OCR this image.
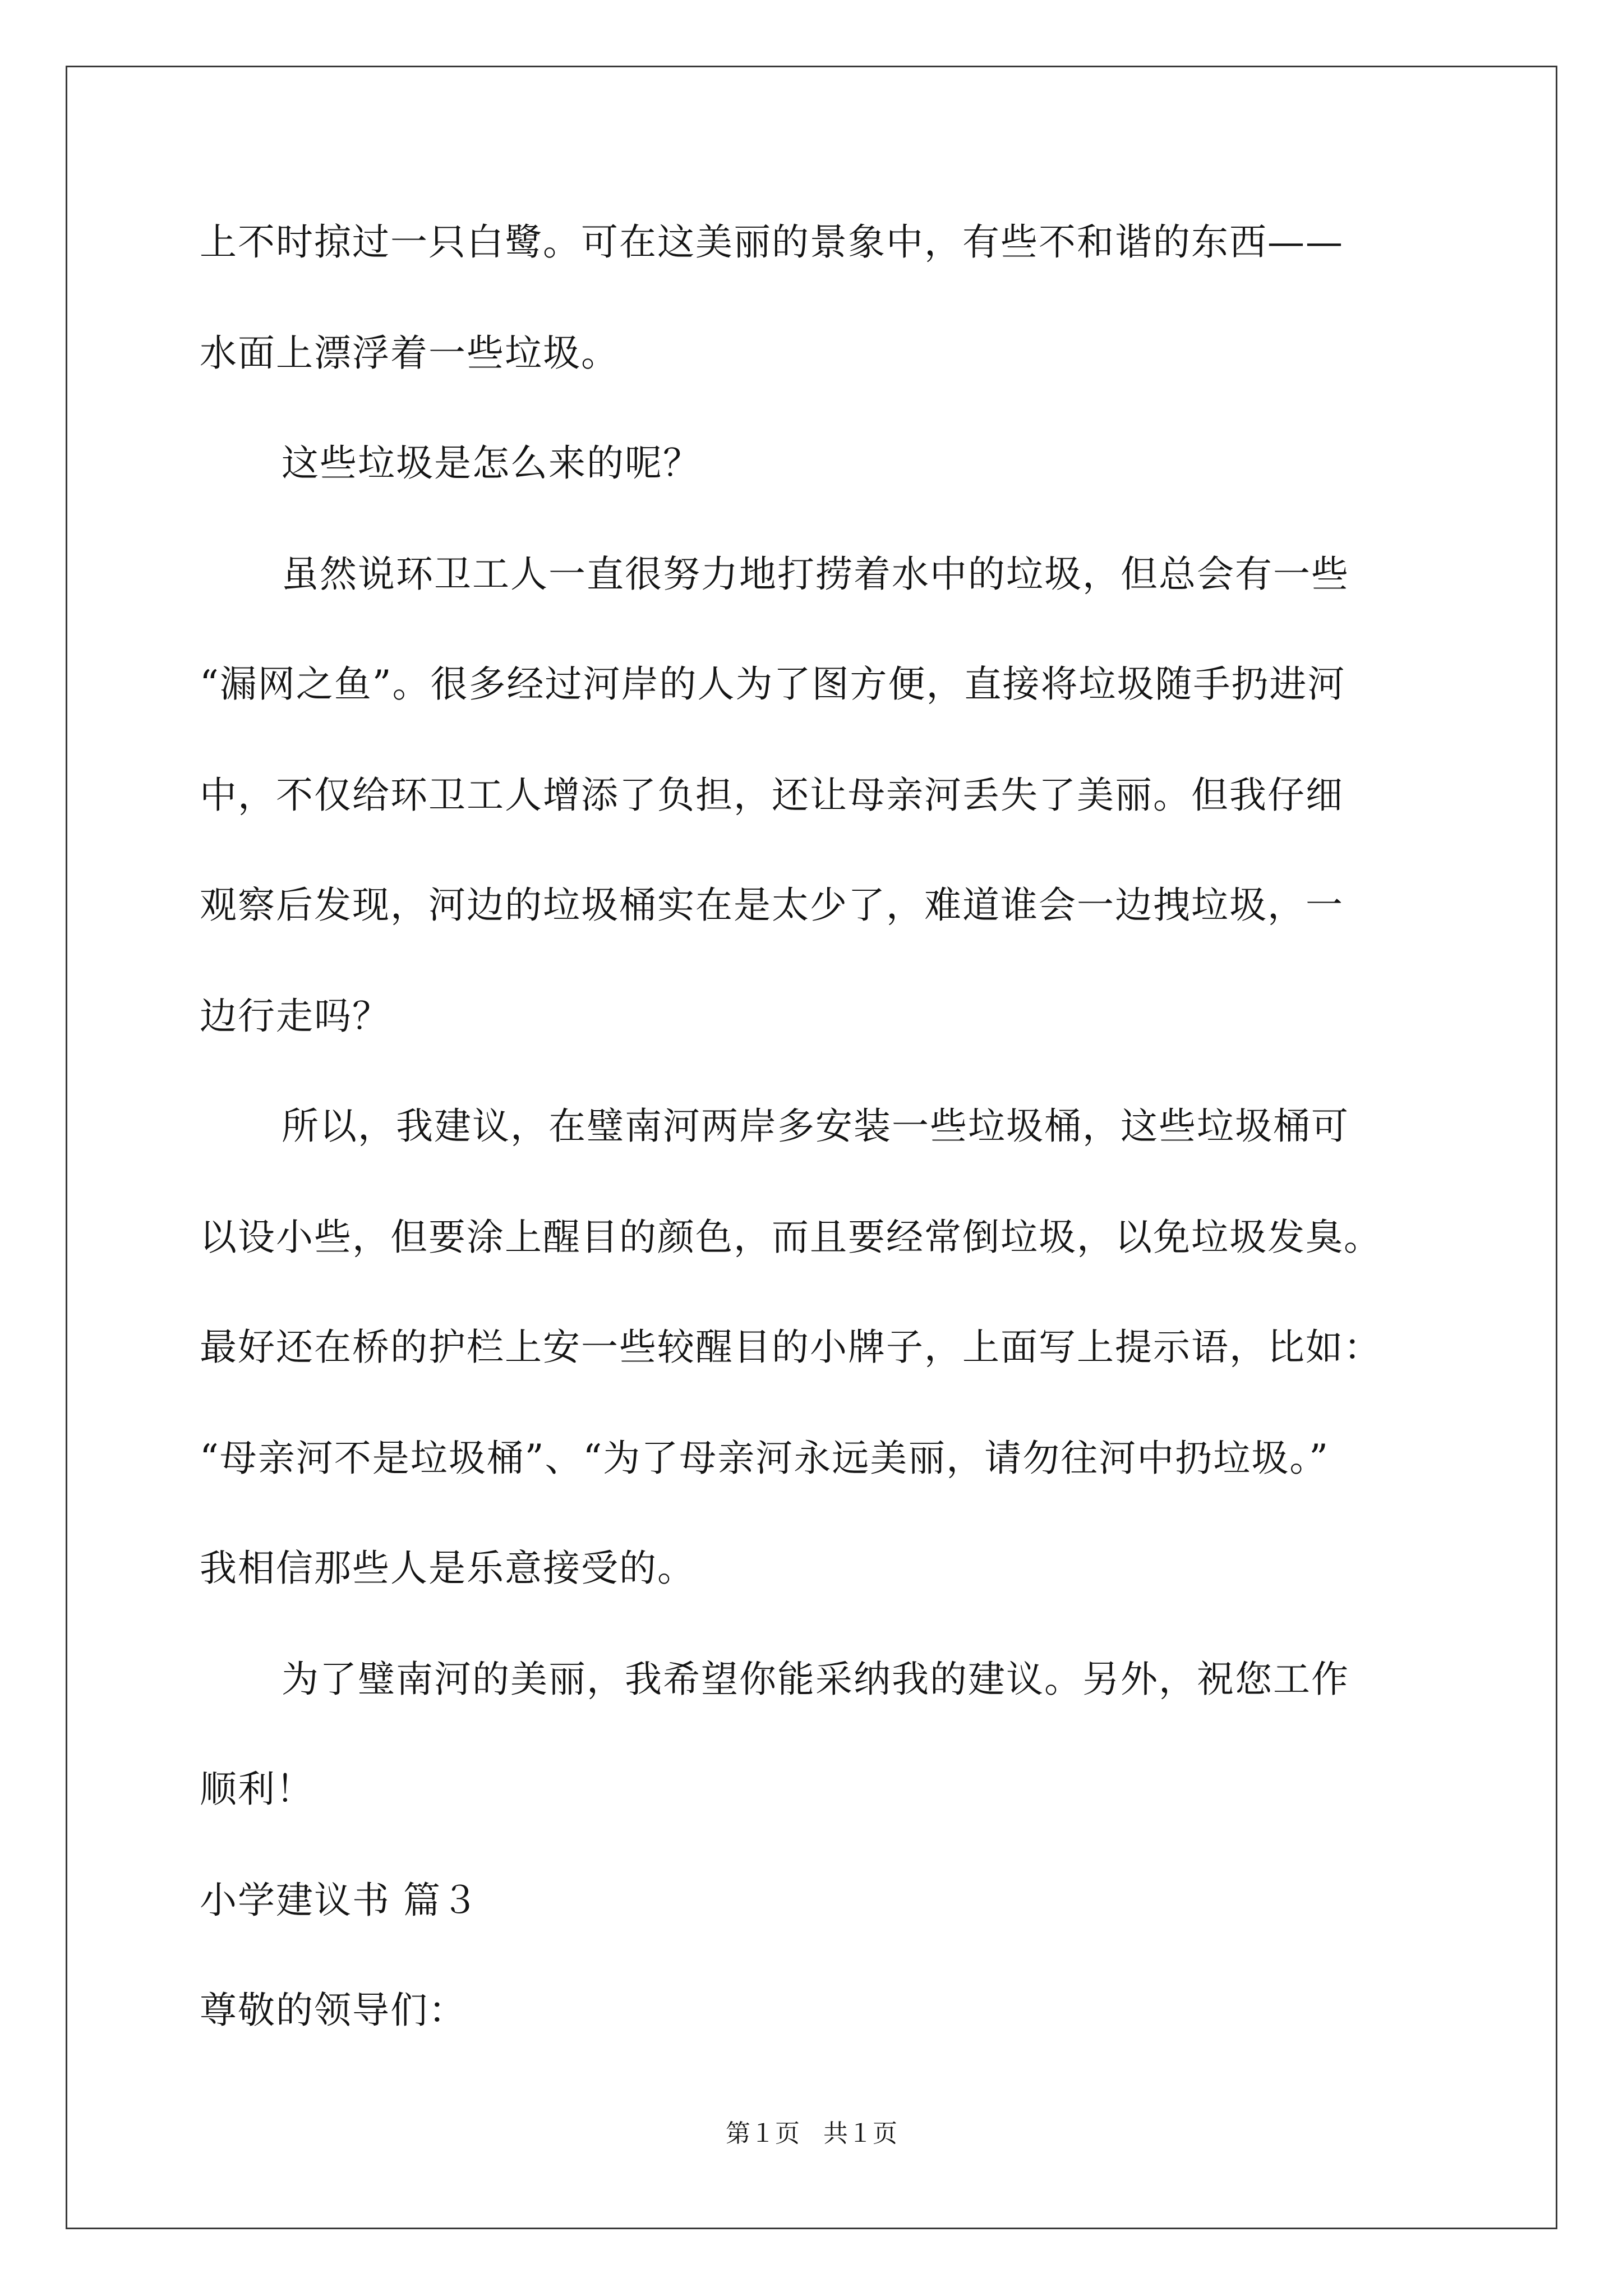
上不时掠过一只白鹭。可在这美丽的景象中，有些不和谐的东西——

水面上漂浮着一些垃圾。

这些垃圾是怎么来的呢？

虽然说环卫工人一直很努力地打捞着水中的垃圾，但总会有一些

“漏网之鱼”。很多经过河岸的人为了图方便，直接将垃圾随手扔进河

中，不仅给环卫工人增添了负担，还让母亲河丢失了美丽。但我仔细

观察后发现，河边的垃圾桶实在是太少了，难道谁会一边拽垃圾，一

边行走吗？

所以，我建议，在璧南河两岸多安装一些垃圾桶，这些垃圾桶可

以设小些，但要涂上醒目的颜色，而且要经常倒垃圾，以免垃圾发臭。

最好还在桥的护栏上安一些较醒目的小牌子，上面写上提示语，比如：

“母亲河不是垃圾桶”、“为了母亲河永远美丽，请勿往河中扔垃圾。”

我相信那些人是乐意接受的。

为了璧南河的美丽，我希望你能采纳我的建议。另外，祝您工作

顺利！

小学建议书 篇３

尊敬的领导们：

第１页   共１页
